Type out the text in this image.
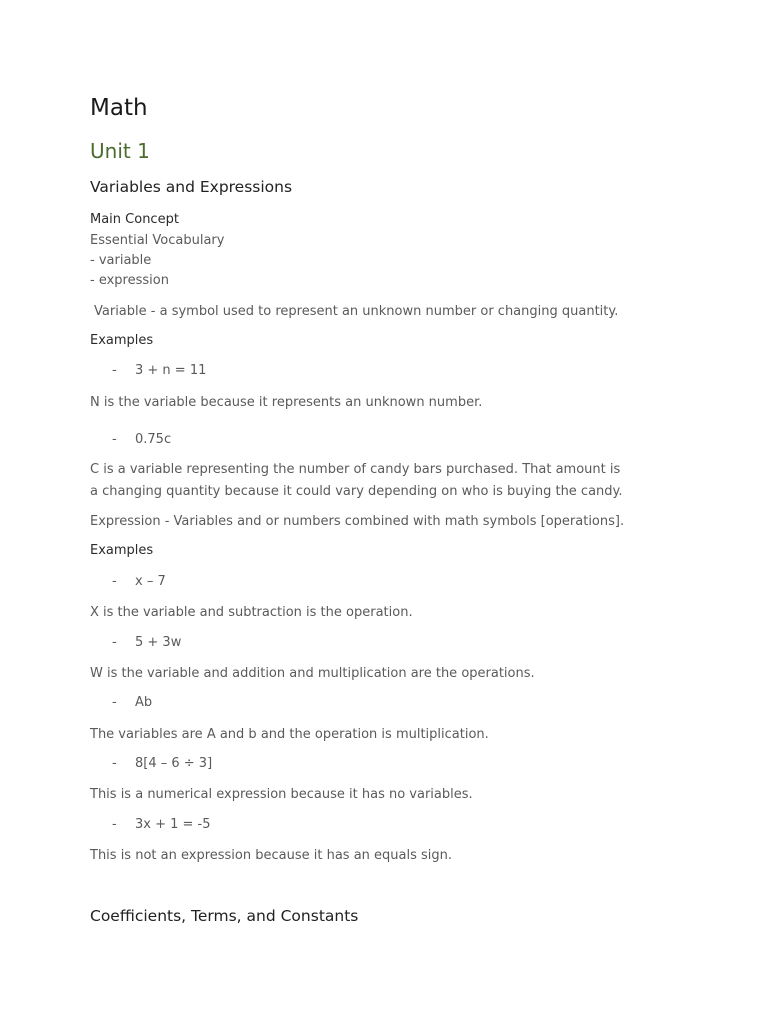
Math
Unit 1
Variables and Expressions
Main Concept
Essential Vocabulary
- variable
- expression
Variable - a symbol used to represent an unknown number or changing quantity.
Examples
- 3 + n = 11
N is the variable because it represents an unknown number.
- 0.75c
C is a variable representing the number of candy bars purchased. That amount is
a changing quantity because it could vary depending on who is buying the candy.
Expression - Variables and or numbers combined with math symbols [operations].
Examples
- x – 7
X is the variable and subtraction is the operation.
- 5 + 3w
W is the variable and addition and multiplication are the operations.
- Ab
The variables are A and b and the operation is multiplication.
- 8[4 – 6 ÷ 3]
This is a numerical expression because it has no variables.
- 3x + 1 = -5
This is not an expression because it has an equals sign.
Coefficients, Terms, and Constants
